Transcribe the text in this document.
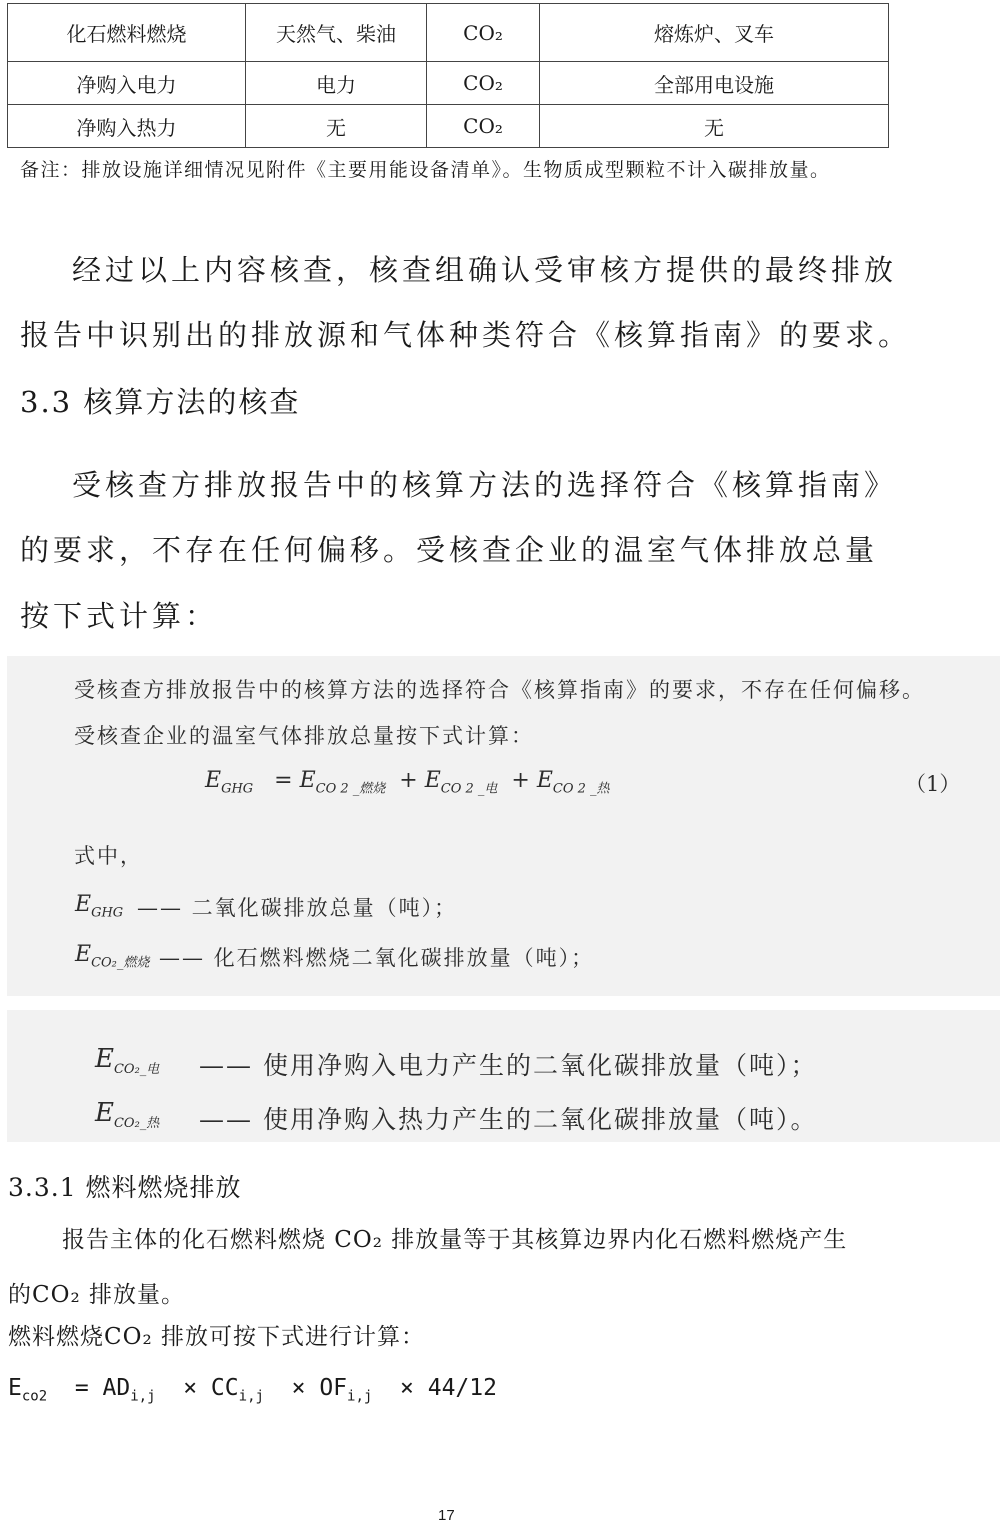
化石燃料燃烧	天然气、柴油	CO₂	熔炼炉、叉车
净购入电力	电力	CO₂	全部用电设施
净购入热力	无	CO₂	无
备注：排放设施详细情况见附件《主要用能设备清单》。生物质成型颗粒不计入碳排放量。
经过以上内容核查，核查组确认受审核方提供的最终排放
报告中识别出的排放源和气体种类符合《核算指南》的要求。
3.3 核算方法的核查
受核查方排放报告中的核算方法的选择符合《核算指南》
的要求，不存在任何偏移。受核查企业的温室气体排放总量
按下式计算：
受核查方排放报告中的核算方法的选择符合《核算指南》的要求，不存在任何偏移。
受核查企业的温室气体排放总量按下式计算：
$E_{GHG} = E_{CO 2 \_燃烧} + E_{CO 2 \_电} + E_{CO 2 \_热}$	（1）
式中，
$E_{GHG}$ —— 二氧化碳排放总量（吨）；
$E_{CO_2\_燃烧}$ —— 化石燃料燃烧二氧化碳排放量（吨）；
$E_{CO_2\_电}$ —— 使用净购入电力产生的二氧化碳排放量（吨）；
$E_{CO_2\_热}$ —— 使用净购入热力产生的二氧化碳排放量（吨）。
3.3.1 燃料燃烧排放
报告主体的化石燃料燃烧 CO₂ 排放量等于其核算边界内化石燃料燃烧产生
的CO₂ 排放量。
燃料燃烧CO₂ 排放可按下式进行计算：
$E_{co2} = AD_{i,j} \times CC_{i,j} \times OF_{i,j} \times 44/12$
17
